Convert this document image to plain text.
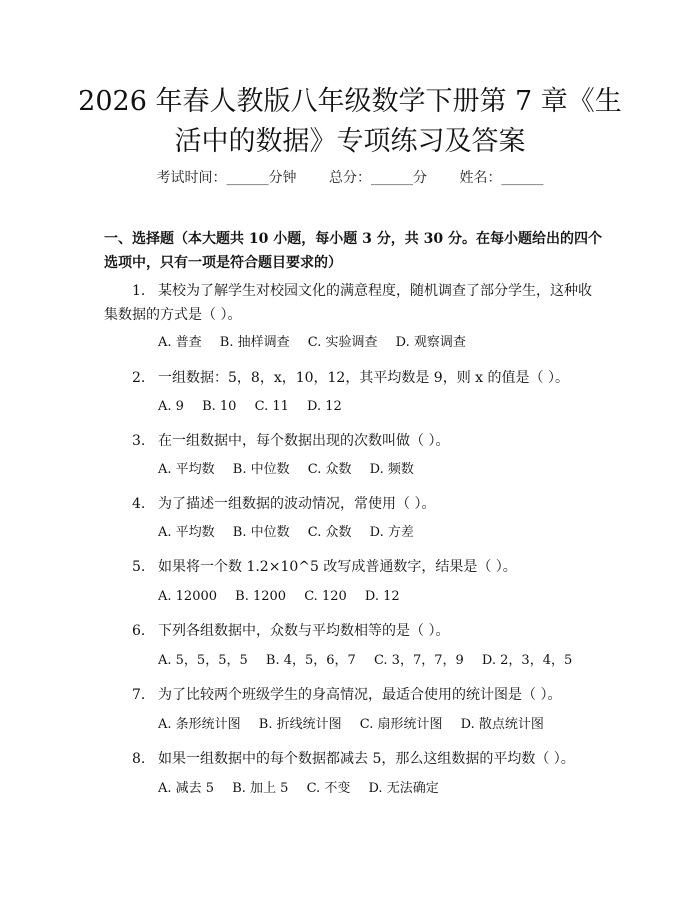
2026 年春人教版八年级数学下册第 7 章《生
活中的数据》专项练习及答案
考试时间：______分钟 总分：______分 姓名：______
一、选择题（本大题共 10 小题，每小题 3 分，共 30 分。在每小题给出的四个选项中，只有一项是符合题目要求的）
1. 某校为了解学生对校园文化的满意程度，随机调查了部分学生，这种收集数据的方式是（ ）。
A. 普查 B. 抽样调查 C. 实验调查 D. 观察调查
2. 一组数据：5，8，x，10，12，其平均数是 9，则 x 的值是（ ）。
A. 9 B. 10 C. 11 D. 12
3. 在一组数据中，每个数据出现的次数叫做（ ）。
A. 平均数 B. 中位数 C. 众数 D. 频数
4. 为了描述一组数据的波动情况，常使用（ ）。
A. 平均数 B. 中位数 C. 众数 D. 方差
5. 如果将一个数 1.2×10^5 改写成普通数字，结果是（ ）。
A. 12000 B. 1200 C. 120 D. 12
6. 下列各组数据中，众数与平均数相等的是（ ）。
A. 5，5，5，5 B. 4，5，6，7 C. 3，7，7，9 D. 2，3，4，5
7. 为了比较两个班级学生的身高情况，最适合使用的统计图是（ ）。
A. 条形统计图 B. 折线统计图 C. 扇形统计图 D. 散点统计图
8. 如果一组数据中的每个数据都减去 5，那么这组数据的平均数（ ）。
A. 减去 5 B. 加上 5 C. 不变 D. 无法确定
